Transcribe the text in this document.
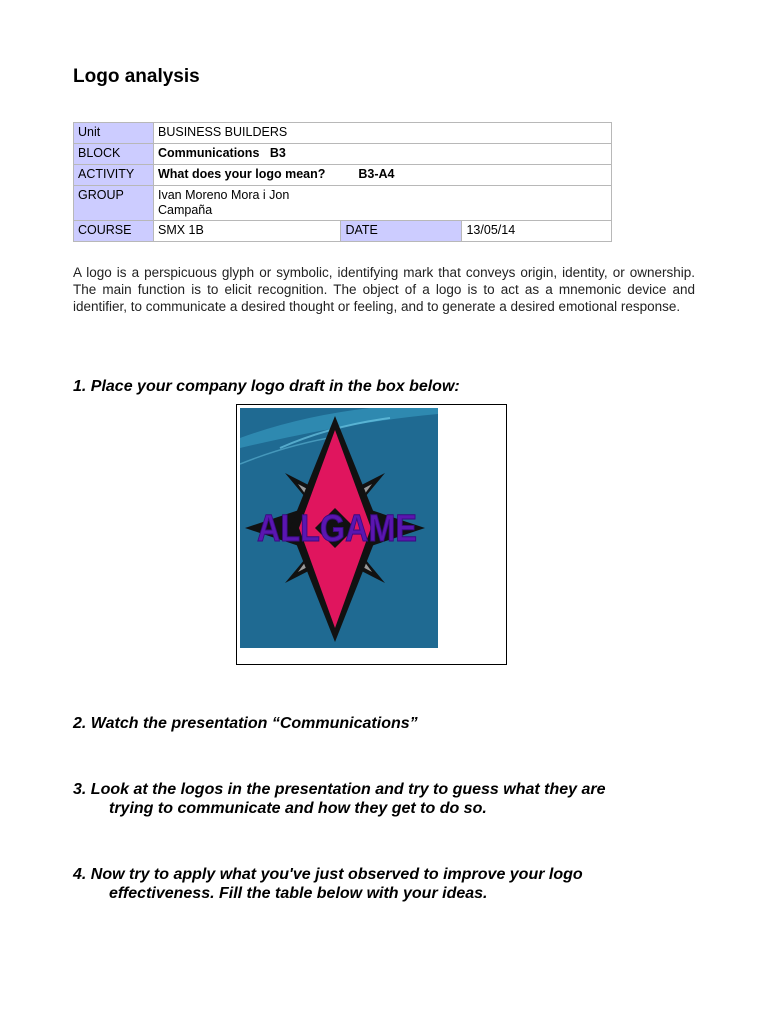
Logo analysis
Unit	BUSINESS BUILDERS		
BLOCK	Communications   B3		
ACTIVITY	What does your logo mean? B3-A4		
GROUP	Ivan Moreno Mora i Jon
Campaña		

COURSE	SMX 1B	DATE	13/05/14
A logo is a perspicuous glyph or symbolic, identifying mark that conveys origin, identity, or ownership. The main function is to elicit recognition. The object of a logo is to act as a mnemonic device and identifier, to communicate a desired thought or feeling, and to generate a desired emotional response.
1. Place your company logo draft in the box below:
ALLGAME
2. Watch the presentation “Communications”
3. Look at the logos in the presentation and try to guess what they are
trying to communicate and how they get to do so.
4. Now try to apply what you've just observed to improve your logo
effectiveness. Fill the table below with your ideas.
